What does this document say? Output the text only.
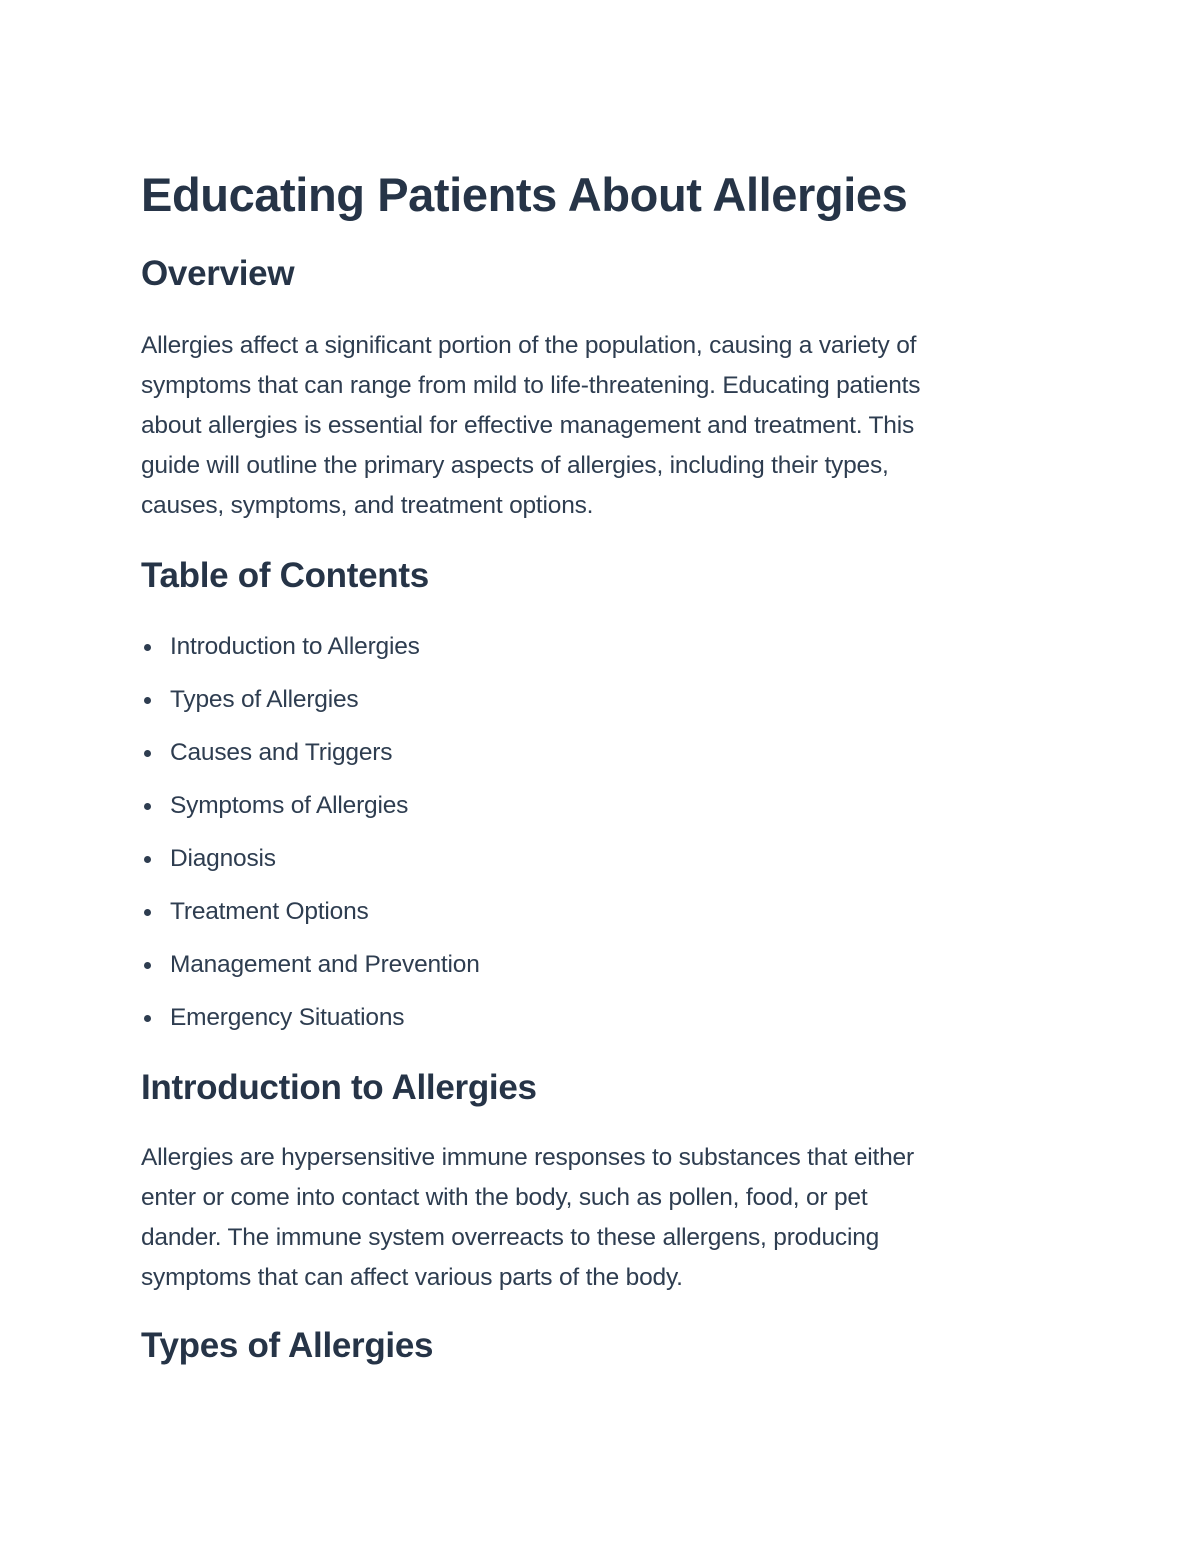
Educating Patients About Allergies
Overview

Allergies affect a significant portion of the population, causing a variety of
symptoms that can range from mild to life-threatening. Educating patients
about allergies is essential for effective management and treatment. This
guide will outline the primary aspects of allergies, including their types,
causes, symptoms, and treatment options.

Table of Contents
Introduction to Allergies
Types of Allergies
Causes and Triggers
Symptoms of Allergies
Diagnosis
Treatment Options
Management and Prevention
Emergency Situations
Introduction to Allergies

Allergies are hypersensitive immune responses to substances that either
enter or come into contact with the body, such as pollen, food, or pet
dander. The immune system overreacts to these allergens, producing
symptoms that can affect various parts of the body.

Types of Allergies
